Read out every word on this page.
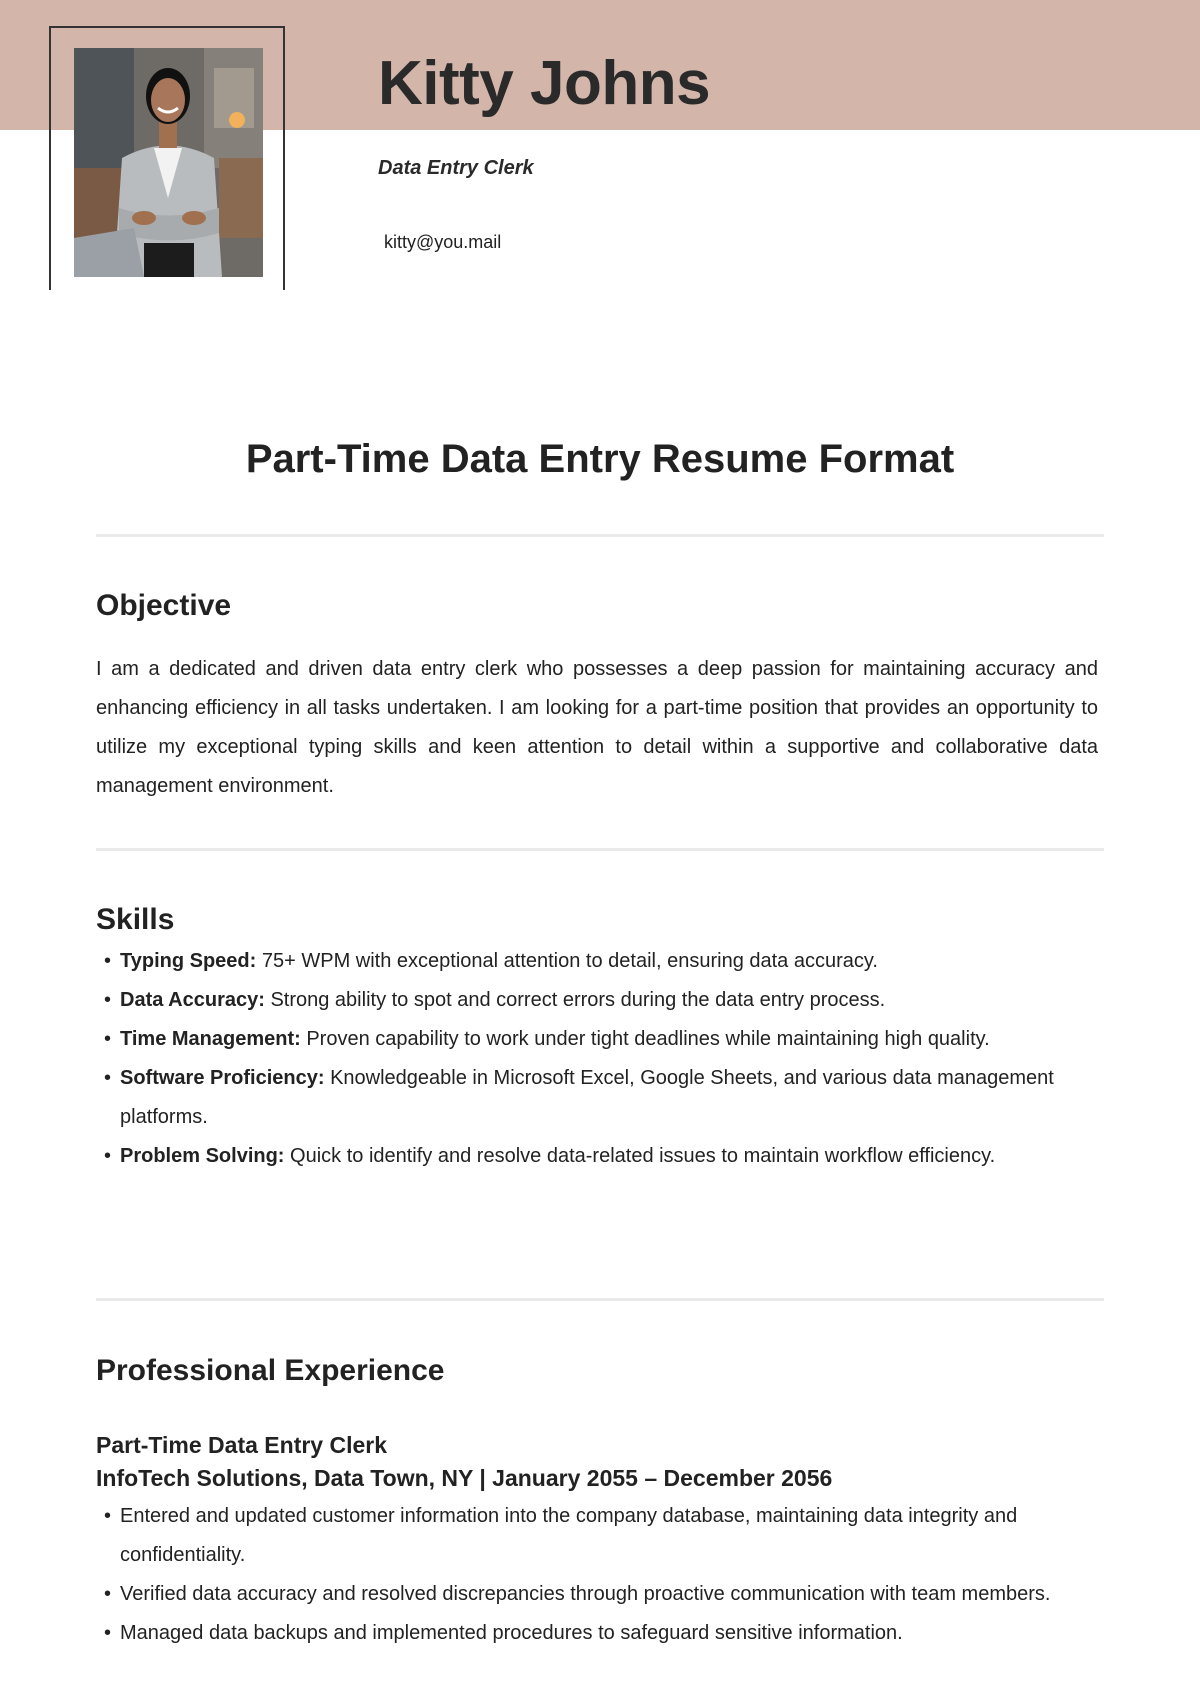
Kitty Johns

Data Entry Clerk

kitty@you.mail

Part-Time Data Entry Resume Format
Objective

I am a dedicated and driven data entry clerk who possesses a deep passion for maintaining accuracy and enhancing efficiency in all tasks undertaken. I am looking for a part-time position that provides an opportunity to utilize my exceptional typing skills and keen attention to detail within a supportive and collaborative data management environment.

Skills
• Typing Speed: 75+ WPM with exceptional attention to detail, ensuring data accuracy.
• Data Accuracy: Strong ability to spot and correct errors during the data entry process.
• Time Management: Proven capability to work under tight deadlines while maintaining high quality.
• Software Proficiency: Knowledgeable in Microsoft Excel, Google Sheets, and various data management platforms.
• Problem Solving: Quick to identify and resolve data-related issues to maintain workflow efficiency.
Professional Experience

Part-Time Data Entry Clerk

InfoTech Solutions, Data Town, NY | January 2055 – December 2056

• Entered and updated customer information into the company database, maintaining data integrity and confidentiality.
• Verified data accuracy and resolved discrepancies through proactive communication with team members.
• Managed data backups and implemented procedures to safeguard sensitive information.
